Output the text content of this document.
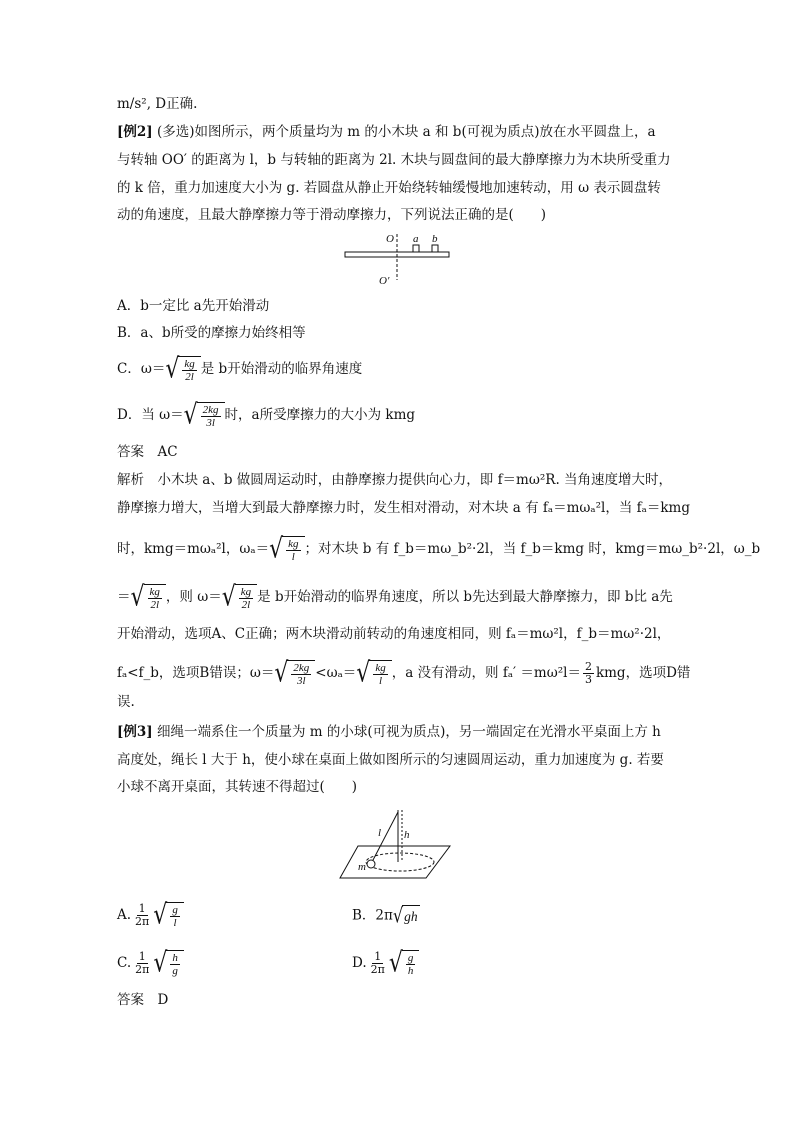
m/s², D正确.
[例2] (多选)如图所示，两个质量均为 m 的小木块 a 和 b(可视为质点)放在水平圆盘上，a
与转轴 OO′ 的距离为 l，b 与转轴的距离为 2l. 木块与圆盘间的最大静摩擦力为木块所受重力
的 k 倍，重力加速度大小为 g. 若圆盘从静止开始绕转轴缓慢地加速转动，用 ω 表示圆盘转
动的角速度，且最大静摩擦力等于滑动摩擦力，下列说法正确的是(　　)
O a b
O′
A．b一定比 a先开始滑动
B．a、b所受的摩擦力始终相等
C．ω＝ √ $\frac{kg}{2l}$ 是 b开始滑动的临界角速度
D．当 ω＝ √ $\frac{2kg}{3l}$ 时，a所受摩擦力的大小为 kmg
答案　AC
解析　小木块 a、b 做圆周运动时，由静摩擦力提供向心力，即 f＝mω²R. 当角速度增大时，
静摩擦力增大，当增大到最大静摩擦力时，发生相对滑动，对木块 a 有 fₐ＝mωₐ²l，当 fₐ＝kmg
时，kmg＝mωₐ²l，ωₐ＝ √ $\frac{kg}{l}$ ；对木块 b 有 f_b＝mω_b²·2l，当 f_b＝kmg 时，kmg＝mω_b²·2l，ω_b
＝ √ $\frac{kg}{2l}$ ，则 ω＝ √ $\frac{kg}{2l}$ 是 b开始滑动的临界角速度，所以 b先达到最大静摩擦力，即 b比 a先
开始滑动，选项A、C正确；两木块滑动前转动的角速度相同，则 fₐ＝mω²l，f_b＝mω²·2l，
fₐ<f_b，选项B错误；ω＝ √ $\frac{2kg}{3l} <\omega_a=$ √ $\frac{kg}{l}$ ，a 没有滑动，则 $f_a' =m\omega^2l= \frac{2}{3}$ kmg，选项D错
误.
[例3] 细绳一端系住一个质量为 m 的小球(可视为质点)，另一端固定在光滑水平桌面上方 h
高度处，绳长 l 大于 h，使小球在桌面上做如图所示的匀速圆周运动，重力加速度为 g. 若要
小球不离开桌面，其转速不得超过(　　)
l h
m
A. $\frac{1}{2\pi}$ √ $\frac{g}{l}$	B．2π √ gh
C. $\frac{1}{2\pi}$ √ $\frac{h}{g}$	D. $\frac{1}{2\pi}$ √ $\frac{g}{h}$
答案　D
